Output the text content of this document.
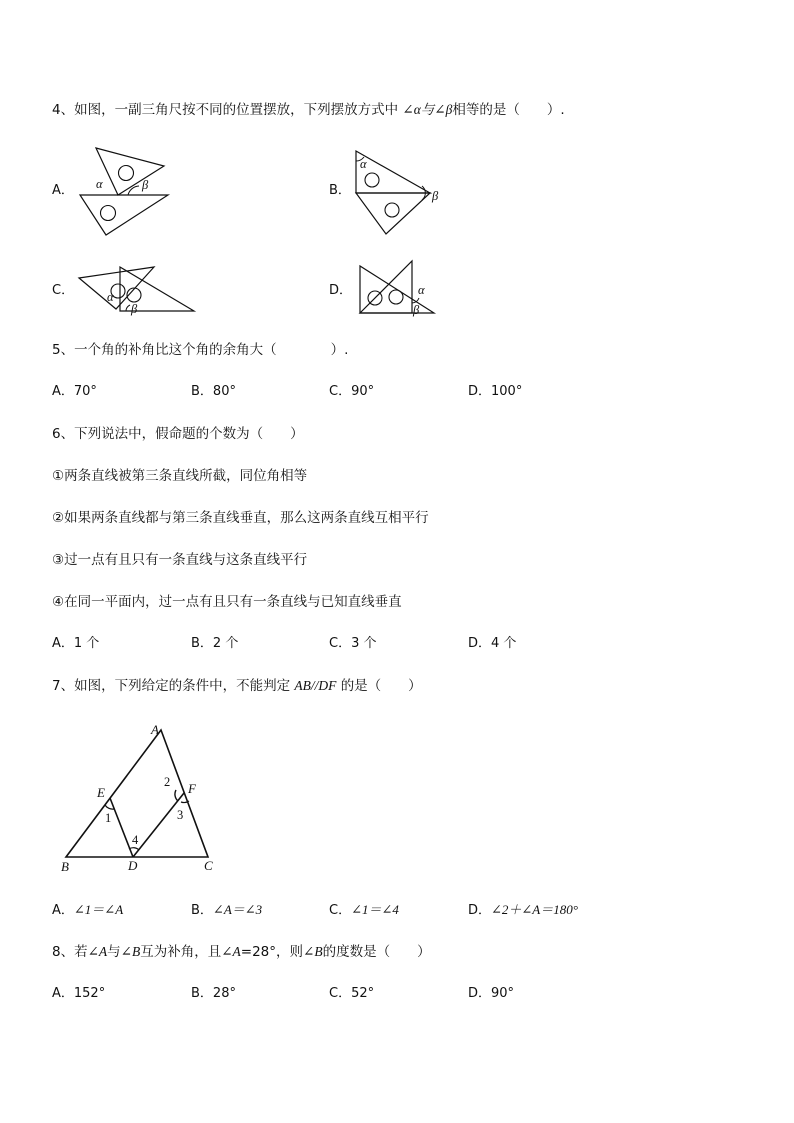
4、如图，一副三角尺按不同的位置摆放，下列摆放方式中 ∠α与∠β相等的是（　　）.
A． α	β	B．
α
β
C．	α
β
D．	α
β
5、一个角的补角比这个角的余角大（　　　　）.
A．70°	B．80°	C．90°	D．100°
6、下列说法中，假命题的个数为（　　）
①两条直线被第三条直线所截，同位角相等
②如果两条直线都与第三条直线垂直，那么这两条直线互相平行
③过一点有且只有一条直线与这条直线平行
④在同一平面内，过一点有且只有一条直线与已知直线垂直
A．1 个	B．2 个	C．3 个	D．4 个
7、如图，下列给定的条件中，不能判定 AB//DF 的是（　　）
A
B	C
D
E	F
1
2
3
4
A．∠1＝∠A	B．∠A＝∠3	C．∠1＝∠4	D．∠2＋∠A＝180°
8、若∠A与∠B互为补角，且∠A=28°，则∠B的度数是（　　）
A．152°	B．28°	C．52°	D．90°
